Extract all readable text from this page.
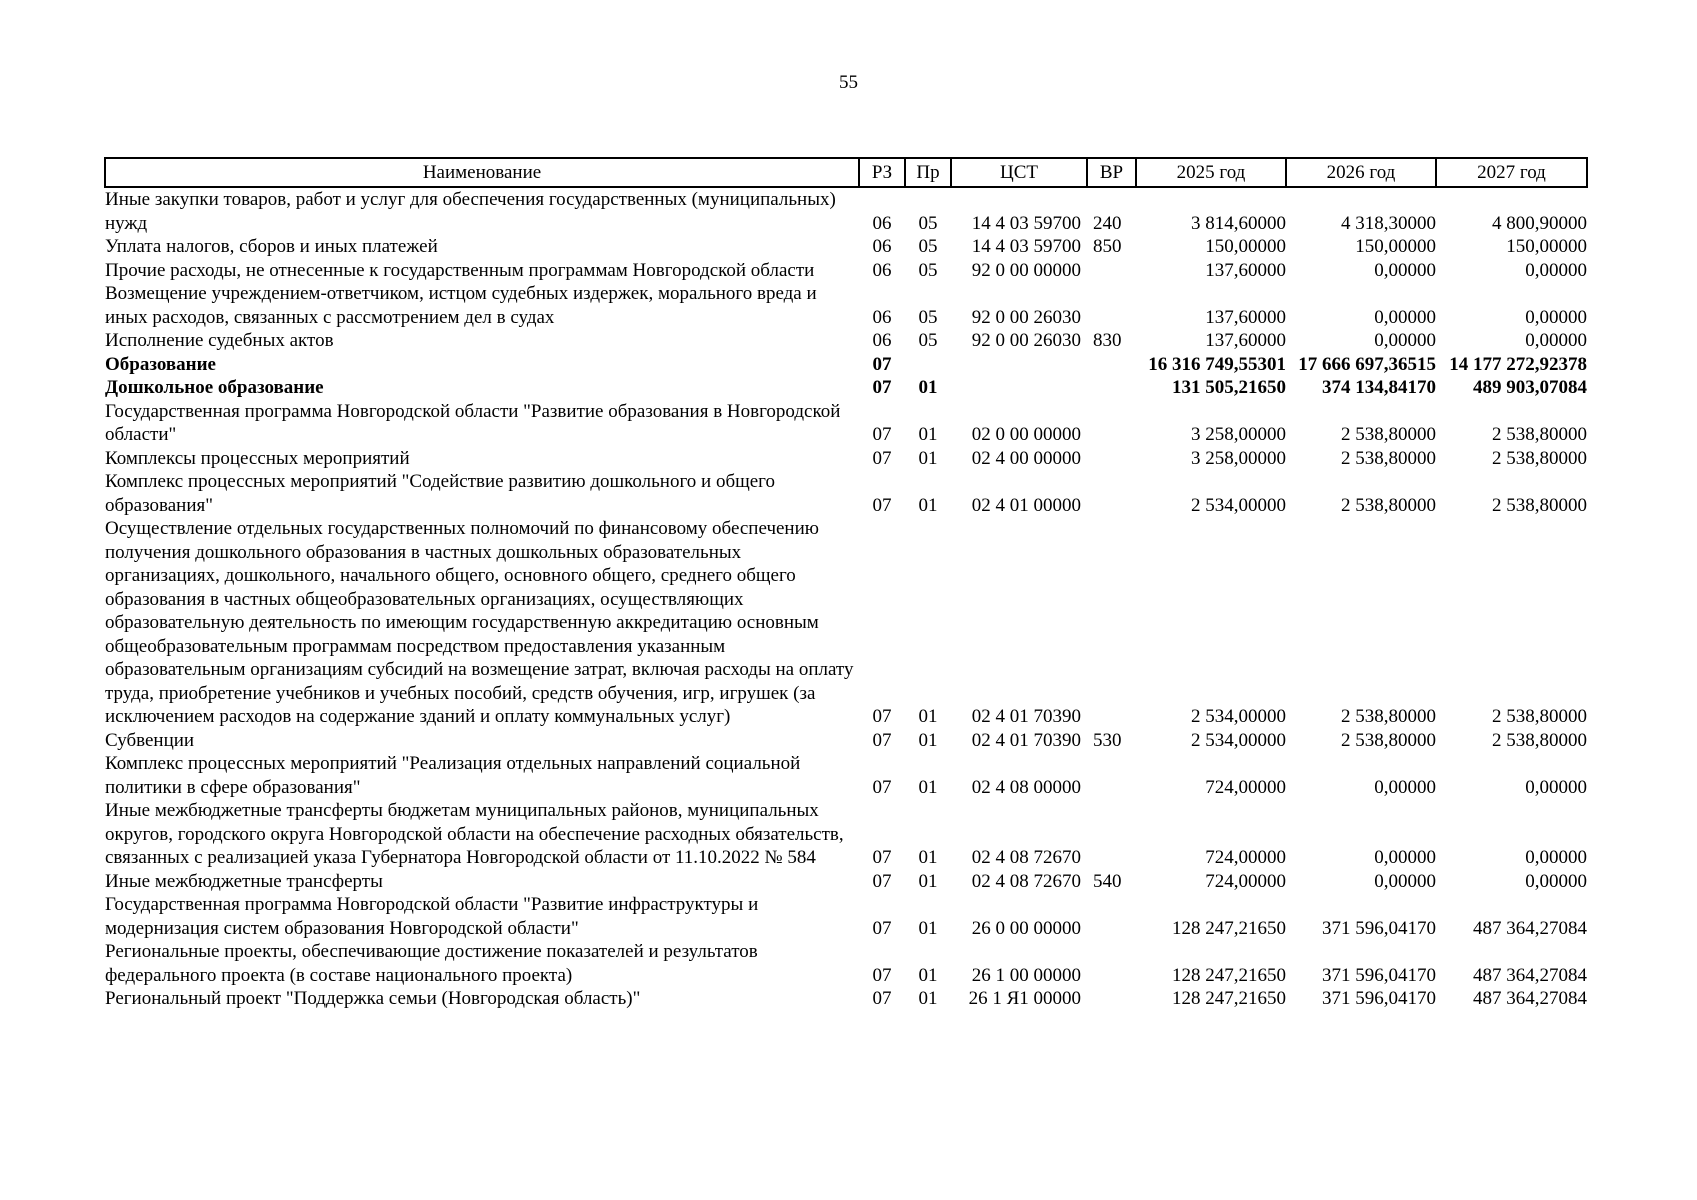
55
Наименование	РЗ	Пр	ЦСТ	ВР	2025 год	2026 год	2027 год
Иные закупки товаров, работ и услуг для обеспечения государственных (муниципальных) нужд	06	05	14 4 03 59700	240	3 814,60000	4 318,30000	4 800,90000
Уплата налогов, сборов и иных платежей	06	05	14 4 03 59700	850	150,00000	150,00000	150,00000
Прочие расходы, не отнесенные к государственным программам Новгородской области	06	05	92 0 00 00000		137,60000	0,00000	0,00000
Возмещение учреждением-ответчиком, истцом судебных издержек, морального вреда и иных расходов, связанных с рассмотрением дел в судах	06	05	92 0 00 26030		137,60000	0,00000	0,00000
Исполнение судебных актов	06	05	92 0 00 26030	830	137,60000	0,00000	0,00000
Образование	07				16 316 749,55301	17 666 697,36515	14 177 272,92378
Дошкольное образование	07	01			131 505,21650	374 134,84170	489 903,07084
Государственная программа Новгородской области "Развитие образования в Новгородской области"	07	01	02 0 00 00000		3 258,00000	2 538,80000	2 538,80000
Комплексы процессных мероприятий	07	01	02 4 00 00000		3 258,00000	2 538,80000	2 538,80000
Комплекс процессных мероприятий "Содействие развитию дошкольного и общего образования"	07	01	02 4 01 00000		2 534,00000	2 538,80000	2 538,80000
Осуществление отдельных государственных полномочий по финансовому обеспечению получения дошкольного образования в частных дошкольных образовательных организациях, дошкольного, начального общего, основного общего, среднего общего образования в частных общеобразовательных организациях, осуществляющих образовательную деятельность по имеющим государственную аккредитацию основным общеобразовательным программам посредством предоставления указанным образовательным организациям субсидий на возмещение затрат, включая расходы на оплату труда, приобретение учебников и учебных пособий, средств обучения, игр, игрушек (за исключением расходов на содержание зданий и оплату коммунальных услуг)	07	01	02 4 01 70390		2 534,00000	2 538,80000	2 538,80000
Субвенции	07	01	02 4 01 70390	530	2 534,00000	2 538,80000	2 538,80000
Комплекс процессных мероприятий "Реализация отдельных направлений социальной политики в сфере образования"	07	01	02 4 08 00000		724,00000	0,00000	0,00000
Иные межбюджетные трансферты бюджетам муниципальных районов, муниципальных округов, городского округа Новгородской области на обеспечение расходных обязательств, связанных с реализацией указа Губернатора Новгородской области от 11.10.2022 № 584	07	01	02 4 08 72670		724,00000	0,00000	0,00000
Иные межбюджетные трансферты	07	01	02 4 08 72670	540	724,00000	0,00000	0,00000
Государственная программа Новгородской области "Развитие инфраструктуры и модернизация систем образования Новгородской области"	07	01	26 0 00 00000		128 247,21650	371 596,04170	487 364,27084
Региональные проекты, обеспечивающие достижение показателей и результатов федерального проекта (в составе национального проекта)	07	01	26 1 00 00000		128 247,21650	371 596,04170	487 364,27084
Региональный проект "Поддержка семьи (Новгородская область)"	07	01	26 1 Я1 00000		128 247,21650	371 596,04170	487 364,27084
